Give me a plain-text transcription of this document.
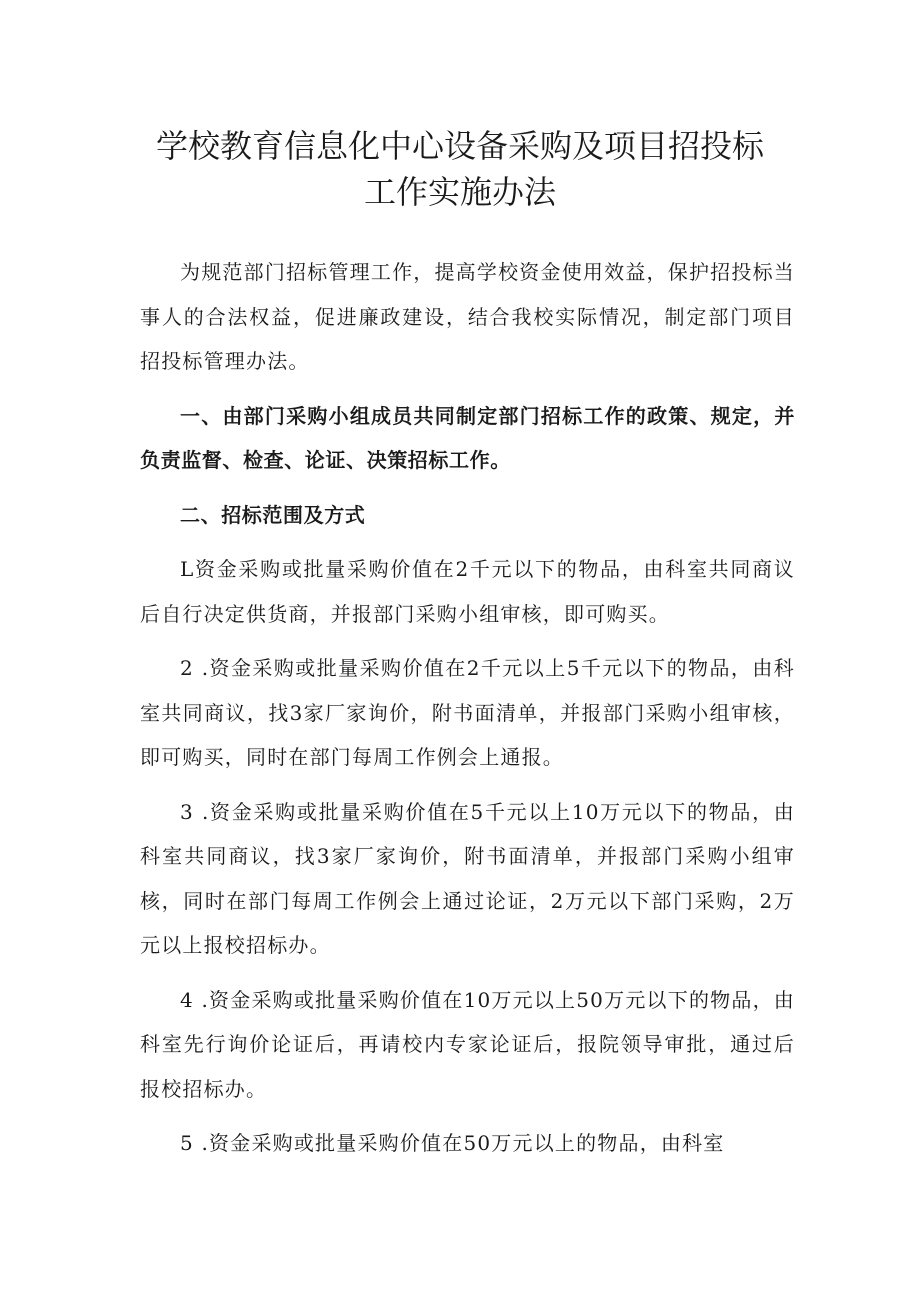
学校教育信息化中心设备采购及项目招投标
工作实施办法

为规范部门招标管理工作，提高学校资金使用效益，保护招投标当事人的合法权益，促进廉政建设，结合我校实际情况，制定部门项目招投标管理办法。

一、由部门采购小组成员共同制定部门招标工作的政策、规定，并负责监督、检查、论证、决策招标工作。

二、招标范围及方式

L资金采购或批量采购价值在2千元以下的物品，由科室共同商议后自行决定供货商，并报部门采购小组审核，即可购买。

2 .资金采购或批量采购价值在2千元以上5千元以下的物品，由科室共同商议，找3家厂家询价，附书面清单，并报部门采购小组审核，即可购买，同时在部门每周工作例会上通报。

3 .资金采购或批量采购价值在5千元以上10万元以下的物品，由科室共同商议，找3家厂家询价，附书面清单，并报部门采购小组审核，同时在部门每周工作例会上通过论证，2万元以下部门采购，2万元以上报校招标办。

4 .资金采购或批量采购价值在10万元以上50万元以下的物品，由科室先行询价论证后，再请校内专家论证后，报院领导审批，通过后报校招标办。

5 .资金采购或批量采购价值在50万元以上的物品，由科室
